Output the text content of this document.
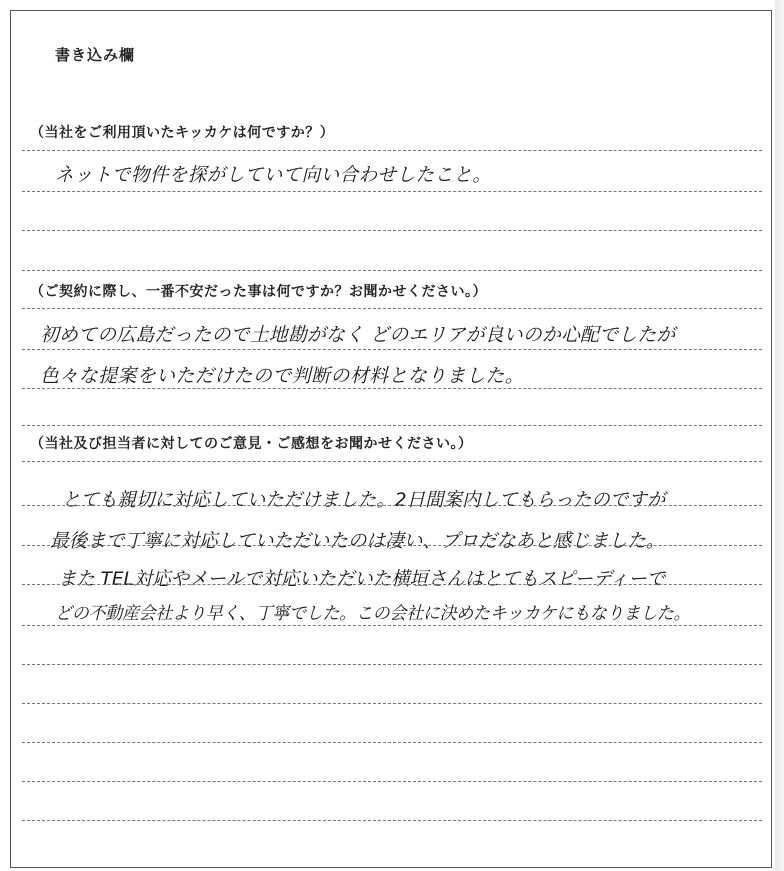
書き込み欄
（当社をご利用頂いたキッカケは何ですか？）
ネットで物件を探がしていて向い合わせしたこと。
（ご契約に際し、一番不安だった事は何ですか？お聞かせください。）
初めての広島だったので土地勘がなく どのエリアが良いのか心配でしたが
色々な提案をいただけたので判断の材料となりました。
（当社及び担当者に対してのご意見・ご感想をお聞かせください。）
とても親切に対応していただけました。2日間案内してもらったのですが
最後まで丁寧に対応していただいたのは凄い、プロだなあと感じました。
また TEL対応やメールで対応いただいた横垣さんはとてもスピーディーで
どの不動産会社より早く、丁寧でした。この会社に決めたキッカケにもなりました。
